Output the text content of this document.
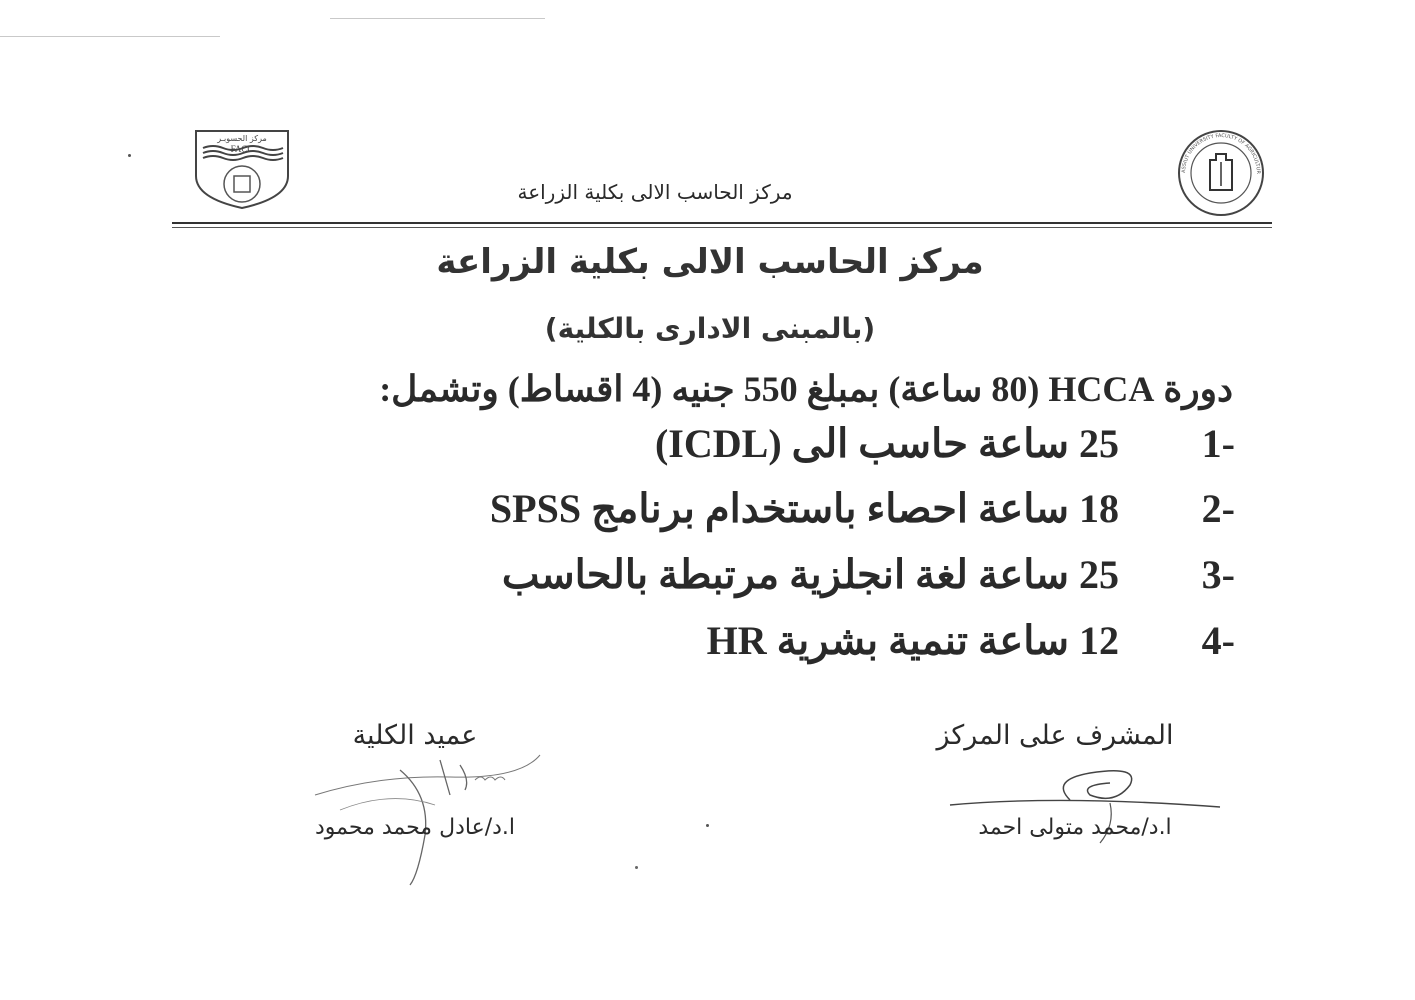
مركز الحسوبـر
FACC
مركز الحاسب الالى بكلية الزراعة
ASSIUT UNIVERSITY FACULTY OF AGRICULTUR
مركز الحاسب الالى بكلية الزراعة
(بالمبنى الادارى بالكلية)
دورة HCCA (80 ساعة) بمبلغ 550 جنيه (4 اقساط) وتشمل:
-125 ساعة حاسب الى (ICDL)
-218 ساعة احصاء باستخدام برنامج SPSS
-325 ساعة لغة انجلزية مرتبطة بالحاسب
-412 ساعة تنمية بشرية HR
عميد الكلية
ا.د/عادل محمد محمود
المشرف على المركز
ا.د/محمد متولى احمد
